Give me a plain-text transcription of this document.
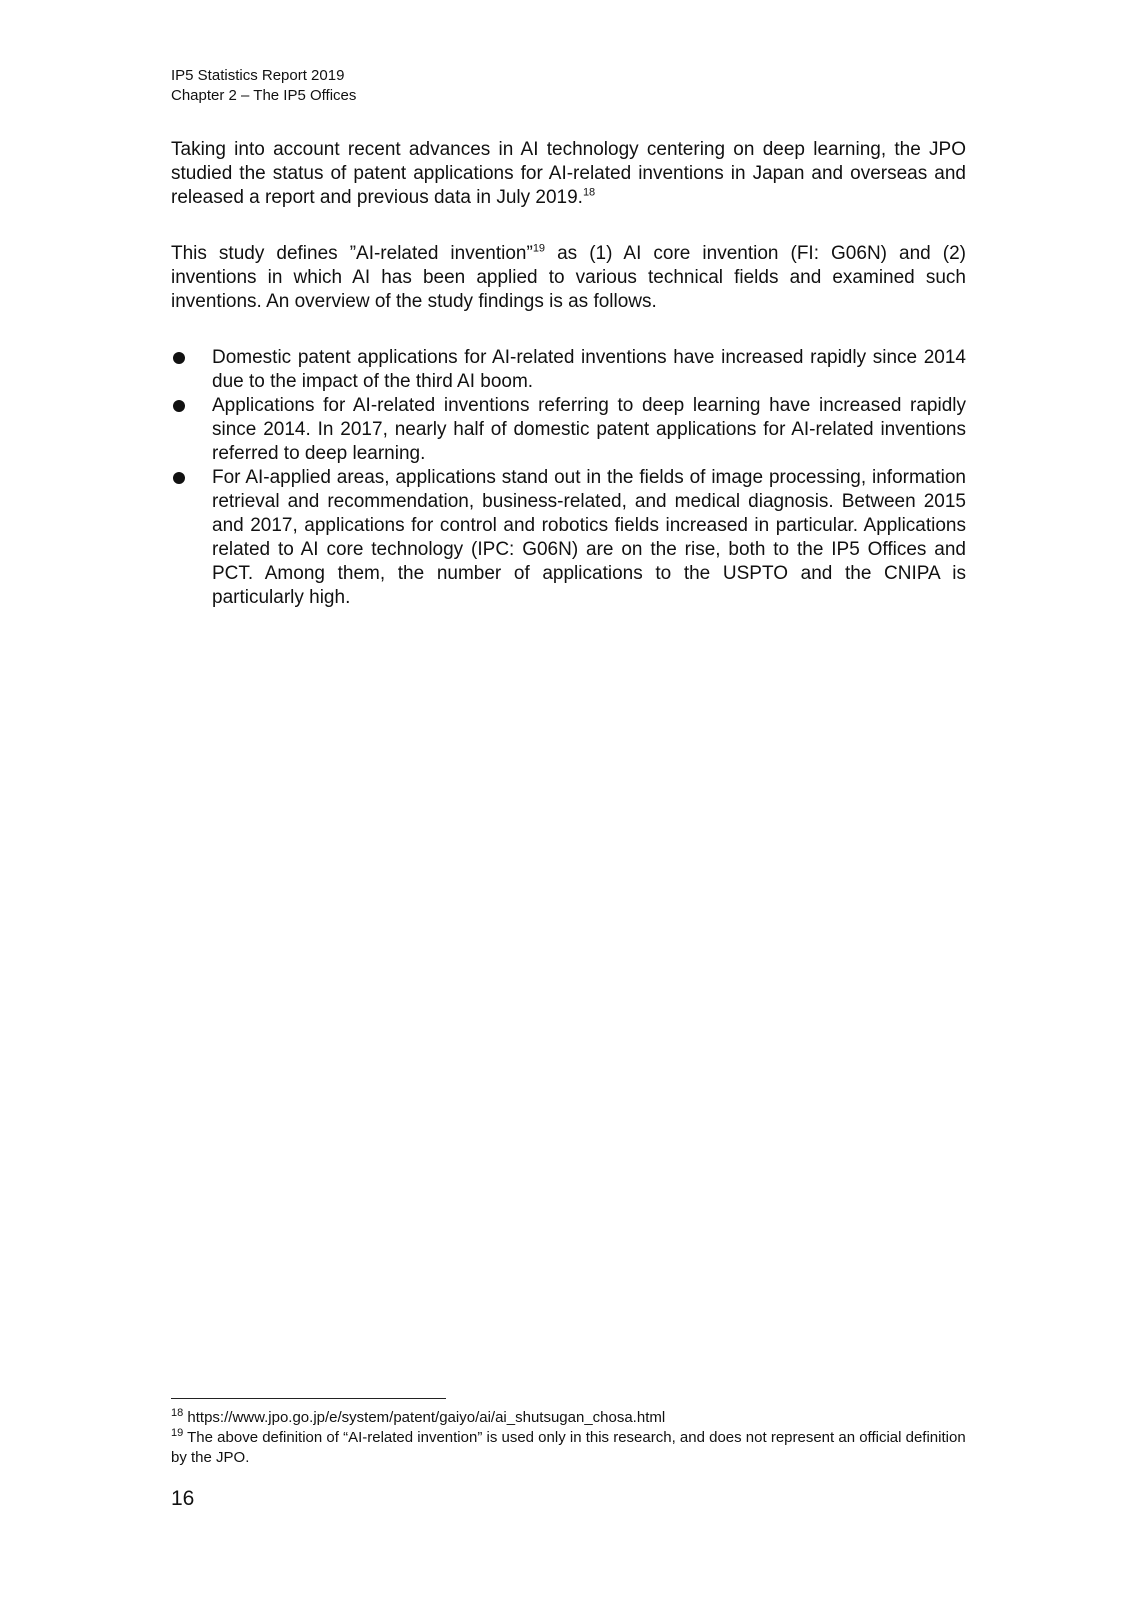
IP5 Statistics Report 2019
Chapter 2 – The IP5 Offices

Taking into account recent advances in AI technology centering on deep learning, the JPO studied the status of patent applications for AI-related inventions in Japan and overseas and released a report and previous data in July 2019.18

This study defines ”AI-related invention”$^{19}$ as (1) AI core invention (FI: G06N) and (2) inventions in which AI has been applied to various technical fields and examined such inventions. An overview of the study findings is as follows.

Domestic patent applications for AI-related inventions have increased rapidly since 2014 due to the impact of the third AI boom.
Applications for AI-related inventions referring to deep learning have increased rapidly since 2014. In 2017, nearly half of domestic patent applications for AI-related inventions referred to deep learning.
For AI-applied areas, applications stand out in the fields of image processing, information retrieval and recommendation, business-related, and medical diagnosis. Between 2015 and 2017, applications for control and robotics fields increased in particular. Applications related to AI core technology (IPC: G06N) are on the rise, both to the IP5 Offices and PCT. Among them, the number of applications to the USPTO and the CNIPA is particularly high.
$^{18}$ https://www.jpo.go.jp/e/system/patent/gaiyo/ai/ai_shutsugan_chosa.html
$^{19}$ The above definition of “AI-related invention” is used only in this research, and does not represent an official definition by the JPO.
16
